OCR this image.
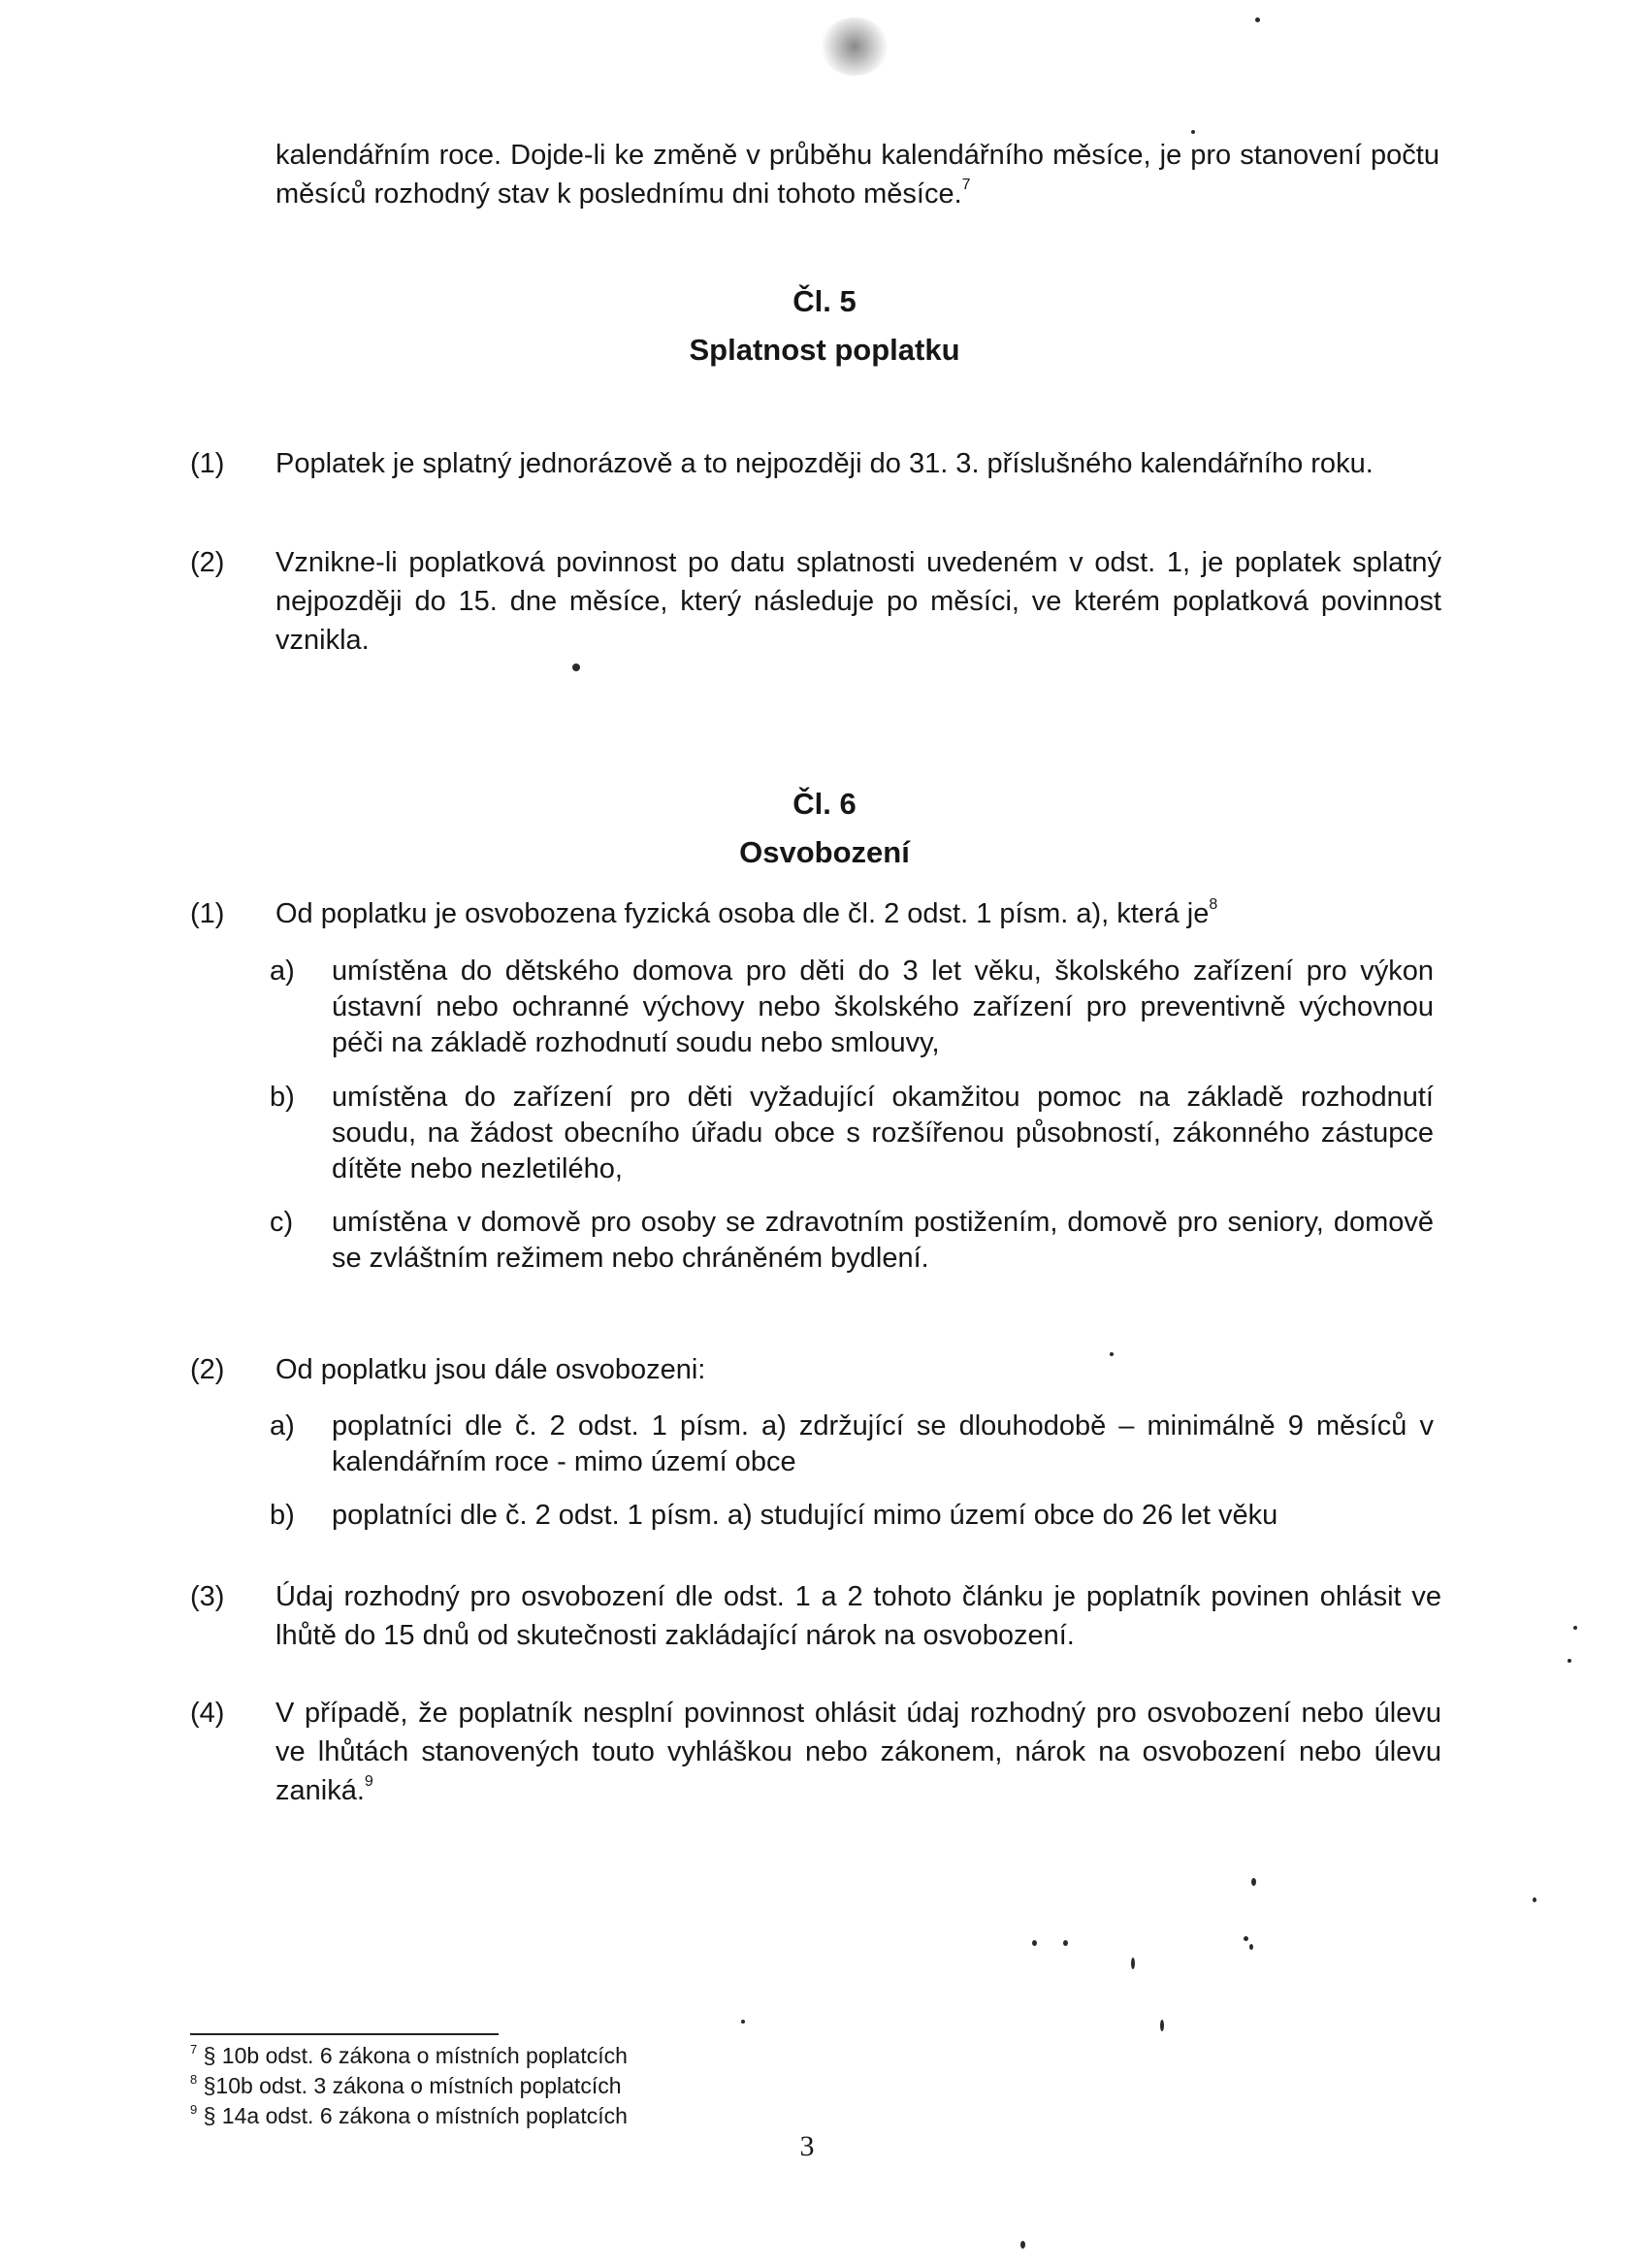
kalendářním roce. Dojde-li ke změně v průběhu kalendářního měsíce, je pro stanovení počtu měsíců rozhodný stav k poslednímu dni tohoto měsíce.$^7$
Čl. 5
Splatnost poplatku
(1)	Poplatek je splatný jednorázově a to nejpozději do 31. 3. příslušného kalendářního roku.
(2)	Vznikne-li poplatková povinnost po datu splatnosti uvedeném v odst. 1, je poplatek splatný nejpozději do 15. dne měsíce, který následuje po měsíci, ve kterém poplatková povinnost vznikla.
Čl. 6
Osvobození
(1)	Od poplatku je osvobozena fyzická osoba dle čl. 2 odst. 1 písm. a), která $je^8$
a)	umístěna do dětského domova pro děti do 3 let věku, školského zařízení pro výkon ústavní nebo ochranné výchovy nebo školského zařízení pro preventivně výchovnou péči na základě rozhodnutí soudu nebo smlouvy,
b)	umístěna do zařízení pro děti vyžadující okamžitou pomoc na základě rozhodnutí soudu, na žádost obecního úřadu obce s rozšířenou působností, zákonného zástupce dítěte nebo nezletilého,
c)	umístěna v domově pro osoby se zdravotním postižením, domově pro seniory, domově se zvláštním režimem nebo chráněném bydlení.
(2)	Od poplatku jsou dále osvobozeni:
a)	poplatníci dle č. 2 odst. 1 písm. a) zdržující se dlouhodobě – minimálně 9 měsíců v kalendářním roce - mimo území obce
b)	poplatníci dle č. 2 odst. 1 písm. a) studující mimo území obce do 26 let věku
(3)	Údaj rozhodný pro osvobození dle odst. 1 a 2 tohoto článku je poplatník povinen ohlásit ve lhůtě do 15 dnů od skutečnosti zakládající nárok na osvobození.
(4)	V případě, že poplatník nesplní povinnost ohlásit údaj rozhodný pro osvobození nebo úlevu ve lhůtách stanovených touto vyhláškou nebo zákonem, nárok na osvobození nebo úlevu zaniká.$^9$
$^7$ § 10b odst. 6 zákona o místních poplatcích
$^8$ §10b odst. 3 zákona o místních poplatcích
$^9$ § 14a odst. 6 zákona o místních poplatcích
3
